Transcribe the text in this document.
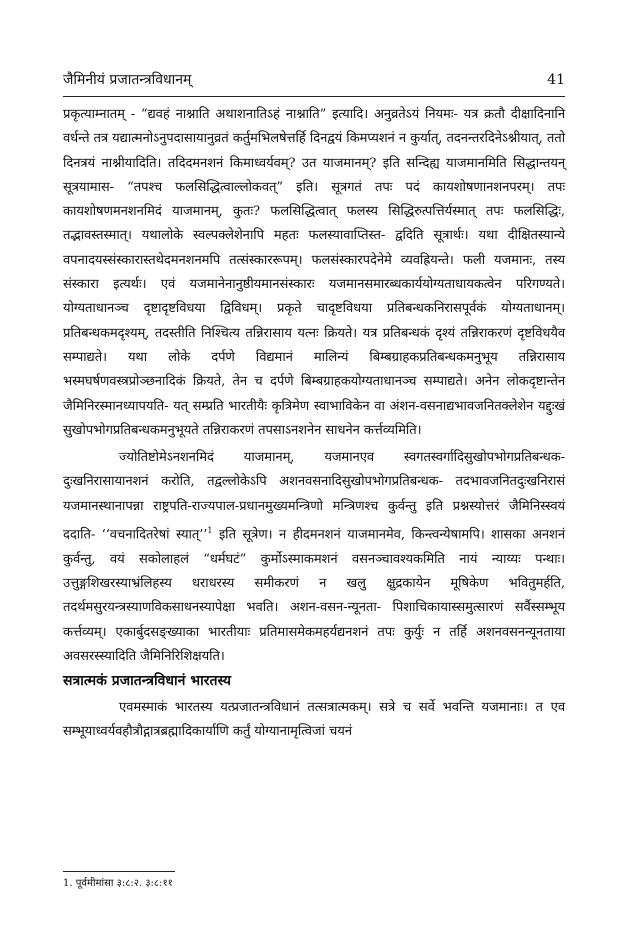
जैमिनीयं प्रजातन्त्रविधानम्	41

प्रकृत्याम्नातम् - “द्यवहं नाश्नाति अथाशनातिऽहं नाश्नाति” इत्यादि। अनुव्रतेऽयं नियमः- यत्र क्रतौ दीक्षादिनानि वर्धन्ते तत्र यद्यात्मनोऽनुपदासायानुव्रतं कर्तुमभिलषेत्तर्हि दिनद्वयं किमप्यशनं न कुर्यात्, तदनन्तरदिनेऽश्नीयात्, ततो दिनत्रयं नाश्नीयादिति। तदिदमनशनं किमाध्वर्यवम्? उत याजमानम्? इति सन्दिह्य याजमानमिति सिद्धान्तयन् सूत्रयामास- “तपश्च फलसिद्धित्वाल्लोकवत्” इति। सूत्रगतं तपः पदं कायशोषणानशनपरम्। तपः कायशोषणमनशनमिदं याजमानम्, कुतः? फलसिद्धित्वात् फलस्य सिद्धिरुत्पत्तिर्यस्मात् तपः फलसिद्धिः, तद्भावस्तस्मात्। यथालोके स्वल्पक्लेशेनापि महतः फलस्यावाप्तिस्त- द्वदिति सूत्रार्थः। यथा दीक्षितस्यान्ये वपनादयस्संस्कारास्तथेदमनशनमपि तत्संस्काररूपम्। फलसंस्कारपदेनेमे व्यवह्रियन्ते। फली यजमानः, तस्य संस्कारा इत्यर्थः। एवं यजमानेनानुष्ठीयमानसंस्कारः यजमानसमारब्धकार्ययोग्यताधायकत्वेन परिगण्यते। योग्यताधानञ्च दृष्टादृष्टविधया द्विविधम्। प्रकृते चादृष्टविधया प्रतिबन्धकनिरासपूर्वकं योग्यताधानम्। प्रतिबन्धकमदृश्यम्, तदस्तीति निश्चित्य तन्निरासाय यत्नः क्रियते। यत्र प्रतिबन्धकं दृश्यं तन्निराकरणं दृष्टविधयैव सम्पाद्यते। यथा लोके दर्पणे विद्यमानं मालिन्यं बिम्बग्राहकप्रतिबन्धकमनुभूय तन्निरासाय भस्मघर्षणवस्त्रप्रोञ्छनादिकं क्रियते, तेन च दर्पणे बिम्बग्राहकयोग्यताधानञ्च सम्पाद्यते। अनेन लोकदृष्टान्तेन जैमिनिरस्मानध्यापयति- यत् सम्प्रति भारतीयैः कृत्रिमेण स्वाभाविकेन वा अंशन-वसनाद्यभावजनितक्लेशेन यद्दुःखं सुखोपभोगप्रतिबन्धकमनुभूयते तन्निराकरणं तपसाऽनशनेन साधनेन कर्त्तव्यमिति।

ज्योतिष्टोमेऽनशनमिदं याजमानम्, यजमानएव स्वगतस्वर्गादिसुखोपभोगप्रतिबन्धक- दुःखनिरासायानशनं करोति, तद्वल्लोकेऽपि अशनवसनादिसुखोपभोगप्रतिबन्धक- तदभावजनितदुःखनिरासं यजमानस्थानापन्ना राष्ट्रपति-राज्यपाल-प्रधानमुख्यमन्त्रिणो मन्त्रिणश्च कुर्वन्तु इति प्रश्नस्योत्तरं जैमिनिस्स्वयं ददाति- ‘‘वचनादितरेषां स्यात्’’$^1$ इति सूत्रेण। न हीदमनशनं याजमानमेव, किन्त्वन्येषामपि। शासका अनशनं कुर्वन्तु, वयं सकोलाहलं “धर्मघटं” कुर्मोऽस्माकमशनं वसनञ्चावश्यकमिति नायं न्याय्यः पन्थाः। उत्तुङ्गशिखरस्याभ्रंलिहस्य धराधरस्य समीकरणं न खलु क्षुद्रकायेन मूषिकेण भवितुमर्हति, तदर्थमसुरयन्त्रस्याणविकसाधनस्यापेक्षा भवति। अशन-वसन-न्यूनता- पिशाचिकायास्समुत्सारणं सर्वैस्सम्भूय कर्त्तव्यम्। एकार्बुदसङ्ख्याका भारतीयाः प्रतिमासमेकमहर्यद्यनशनं तपः कुर्युः न तर्हि अशनवसनन्यूनताया अवसरस्स्यादिति जैमिनिरिशिक्षयति।

सत्रात्मकं प्रजातन्त्रविधानं भारतस्य

एवमस्माकं भारतस्य यत्प्रजातन्त्रविधानं तत्सत्रात्मकम्। सत्रे च सर्वे भवन्ति यजमानाः। त एव सम्भूयाध्वर्यवहौत्रौद्गात्रब्रह्मादिकार्याणि कर्तुं योग्यानामृत्विजां चयनं

1. पूर्वमीमांसा ३:८:२. ३:८:११
